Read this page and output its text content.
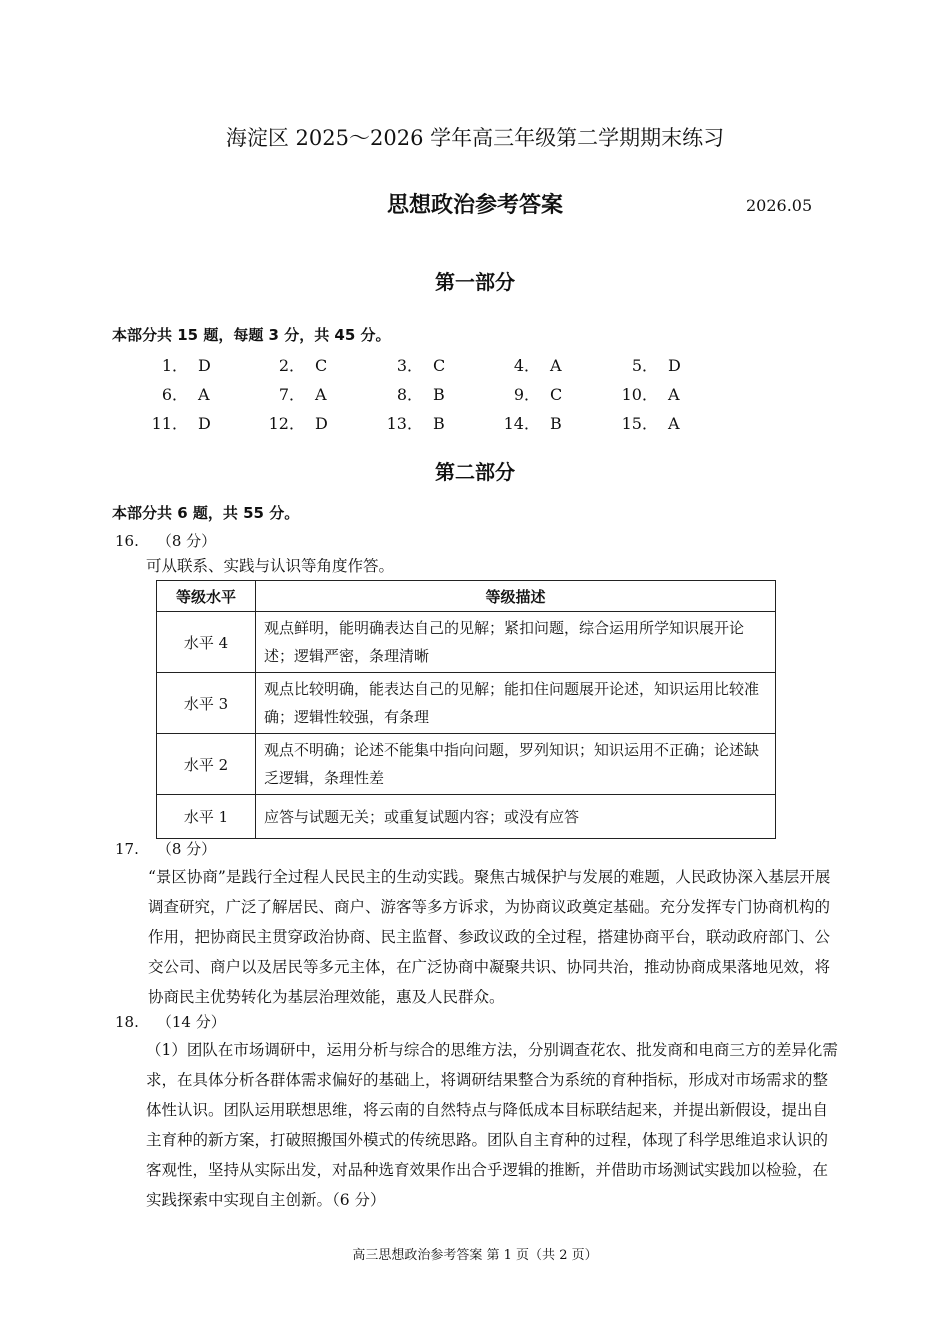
海淀区 2025～2026 学年高三年级第二学期期末练习
思想政治参考答案	2026.05
第一部分
本部分共 15 题，每题 3 分，共 45 分。
1． D	2． C	3． C	4． A	5． D
6． A	7． A	8． B	9． C	10． A
11． D	12． D	13． B	14． B	15． A
第二部分
本部分共 6 题，共 55 分。
16. （8 分）
可从联系、实践与认识等角度作答。
等级水平	等级描述
水平 4	观点鲜明，能明确表达自己的见解；紧扣问题，综合运用所学知识展开论述；逻辑严密，条理清晰
水平 3	观点比较明确，能表达自己的见解；能扣住问题展开论述，知识运用比较准确；逻辑性较强，有条理
水平 2	观点不明确；论述不能集中指向问题，罗列知识；知识运用不正确；论述缺乏逻辑，条理性差
水平 1	应答与试题无关；或重复试题内容；或没有应答
17. （8 分）
“景区协商”是践行全过程人民民主的生动实践。聚焦古城保护与发展的难题，人民政协深入基层开展调查研究，广泛了解居民、商户、游客等多方诉求，为协商议政奠定基础。充分发挥专门协商机构的作用，把协商民主贯穿政治协商、民主监督、参政议政的全过程，搭建协商平台，联动政府部门、公交公司、商户以及居民等多元主体，在广泛协商中凝聚共识、协同共治，推动协商成果落地见效，将协商民主优势转化为基层治理效能，惠及人民群众。
18. （14 分）
（1）团队在市场调研中，运用分析与综合的思维方法，分别调查花农、批发商和电商三方的差异化需求，在具体分析各群体需求偏好的基础上，将调研结果整合为系统的育种指标，形成对市场需求的整体性认识。团队运用联想思维，将云南的自然特点与降低成本目标联结起来，并提出新假设，提出自主育种的新方案，打破照搬国外模式的传统思路。团队自主育种的过程，体现了科学思维追求认识的客观性，坚持从实际出发，对品种选育效果作出合乎逻辑的推断，并借助市场测试实践加以检验，在实践探索中实现自主创新。（6 分）
高三思想政治参考答案 第 1 页（共 2 页）
